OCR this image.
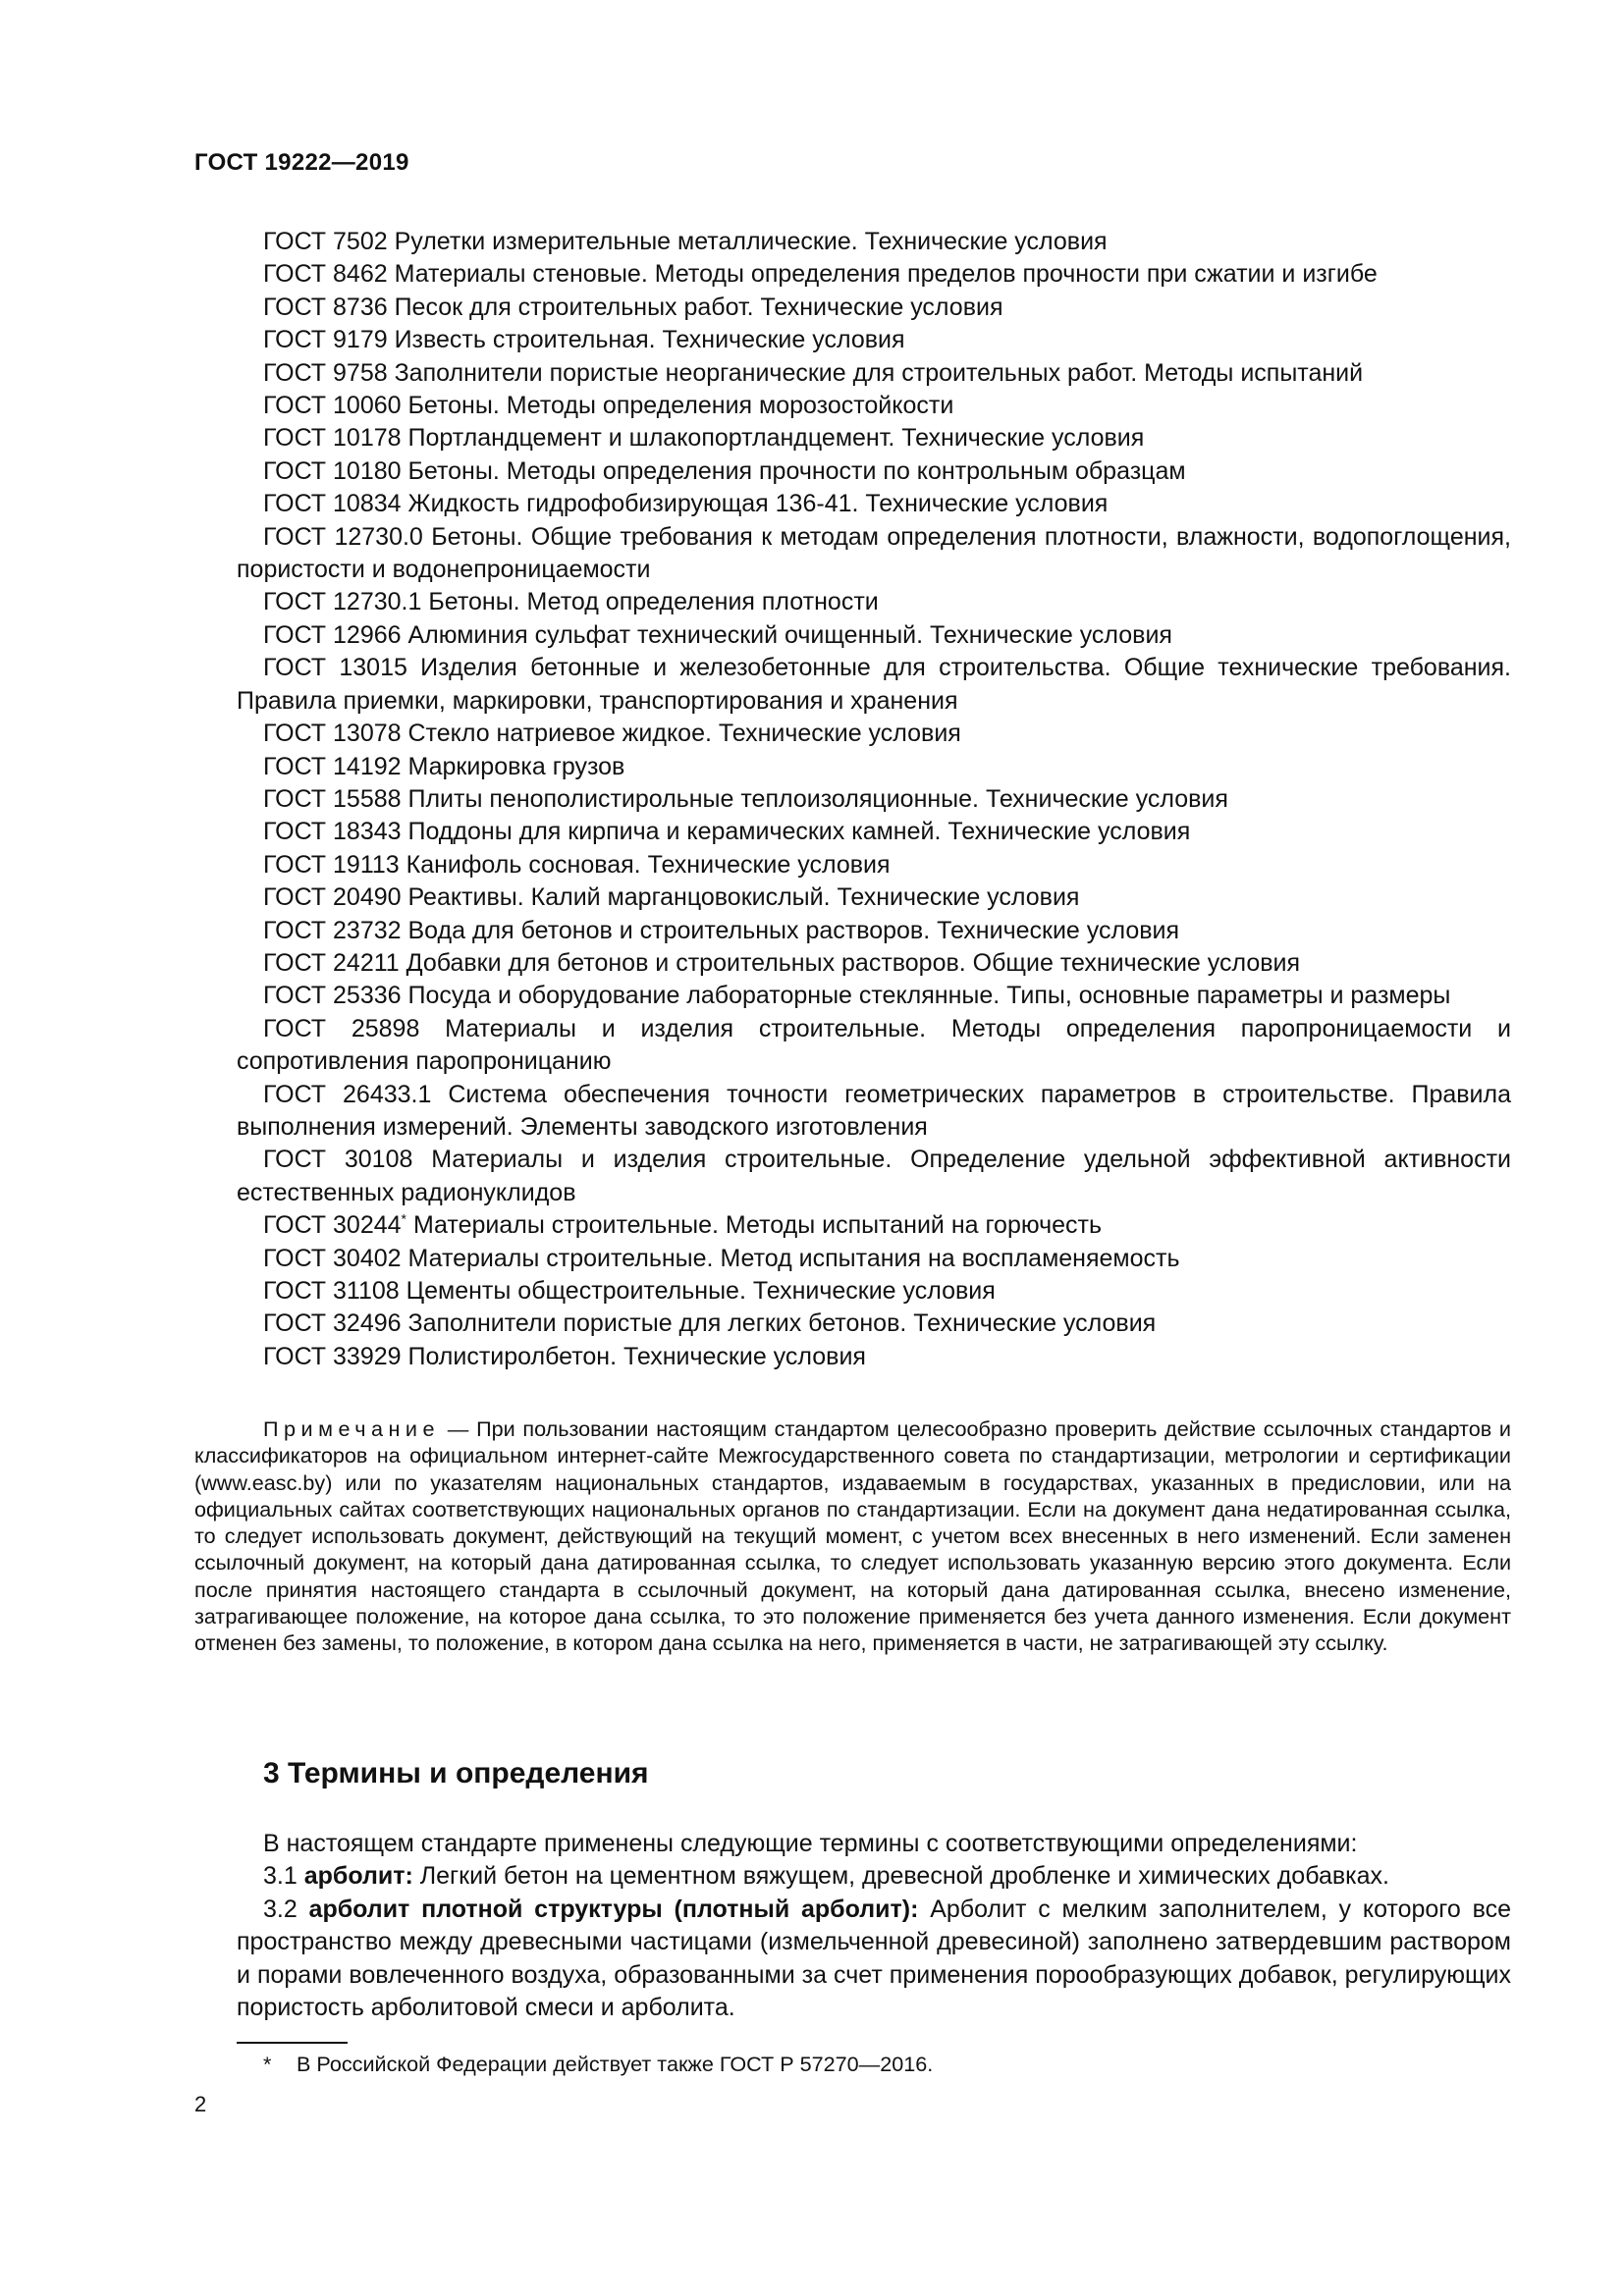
ГОСТ 19222—2019
ГОСТ 7502 Рулетки измерительные металлические. Технические условия
ГОСТ 8462 Материалы стеновые. Методы определения пределов прочности при сжатии и изгибе
ГОСТ 8736 Песок для строительных работ. Технические условия
ГОСТ 9179 Известь строительная. Технические условия
ГОСТ 9758 Заполнители пористые неорганические для строительных работ. Методы испытаний
ГОСТ 10060 Бетоны. Методы определения морозостойкости
ГОСТ 10178 Портландцемент и шлакопортландцемент. Технические условия
ГОСТ 10180 Бетоны. Методы определения прочности по контрольным образцам
ГОСТ 10834 Жидкость гидрофобизирующая 136-41. Технические условия
ГОСТ 12730.0 Бетоны. Общие требования к методам определения плотности, влажности, водопоглощения, пористости и водонепроницаемости
ГОСТ 12730.1 Бетоны. Метод определения плотности
ГОСТ 12966 Алюминия сульфат технический очищенный. Технические условия
ГОСТ 13015 Изделия бетонные и железобетонные для строительства. Общие технические требования. Правила приемки, маркировки, транспортирования и хранения
ГОСТ 13078 Стекло натриевое жидкое. Технические условия
ГОСТ 14192 Маркировка грузов
ГОСТ 15588 Плиты пенополистирольные теплоизоляционные. Технические условия
ГОСТ 18343 Поддоны для кирпича и керамических камней. Технические условия
ГОСТ 19113 Канифоль сосновая. Технические условия
ГОСТ 20490 Реактивы. Калий марганцовокислый. Технические условия
ГОСТ 23732 Вода для бетонов и строительных растворов. Технические условия
ГОСТ 24211 Добавки для бетонов и строительных растворов. Общие технические условия
ГОСТ 25336 Посуда и оборудование лабораторные стеклянные. Типы, основные параметры и размеры
ГОСТ 25898 Материалы и изделия строительные. Методы определения паропроницаемости и сопротивления паропроницанию
ГОСТ 26433.1 Система обеспечения точности геометрических параметров в строительстве. Правила выполнения измерений. Элементы заводского изготовления
ГОСТ 30108 Материалы и изделия строительные. Определение удельной эффективной активности естественных радионуклидов
ГОСТ 30244* Материалы строительные. Методы испытаний на горючесть
ГОСТ 30402 Материалы строительные. Метод испытания на воспламеняемость
ГОСТ 31108 Цементы общестроительные. Технические условия
ГОСТ 32496 Заполнители пористые для легких бетонов. Технические условия
ГОСТ 33929 Полистиролбетон. Технические условия
Примечание — При пользовании настоящим стандартом целесообразно проверить действие ссылочных стандартов и классификаторов на официальном интернет-сайте Межгосударственного совета по стандартизации, метрологии и сертификации (www.easc.by) или по указателям национальных стандартов, издаваемым в государствах, указанных в предисловии, или на официальных сайтах соответствующих национальных органов по стандартизации. Если на документ дана недатированная ссылка, то следует использовать документ, действующий на текущий момент, с учетом всех внесенных в него изменений. Если заменен ссылочный документ, на который дана датированная ссылка, то следует использовать указанную версию этого документа. Если после принятия настоящего стандарта в ссылочный документ, на который дана датированная ссылка, внесено изменение, затрагивающее положение, на которое дана ссылка, то это положение применяется без учета данного изменения. Если документ отменен без замены, то положение, в котором дана ссылка на него, применяется в части, не затрагивающей эту ссылку.
3 Термины и определения
В настоящем стандарте применены следующие термины с соответствующими определениями:
3.1 арболит: Легкий бетон на цементном вяжущем, древесной дробленке и химических добавках.
3.2 арболит плотной структуры (плотный арболит): Арболит с мелким заполнителем, у которого все пространство между древесными частицами (измельченной древесиной) заполнено затвердевшим раствором и порами вовлеченного воздуха, образованными за счет применения порообразующих добавок, регулирующих пористость арболитовой смеси и арболита.
* В Российской Федерации действует также ГОСТ Р 57270—2016.
2
